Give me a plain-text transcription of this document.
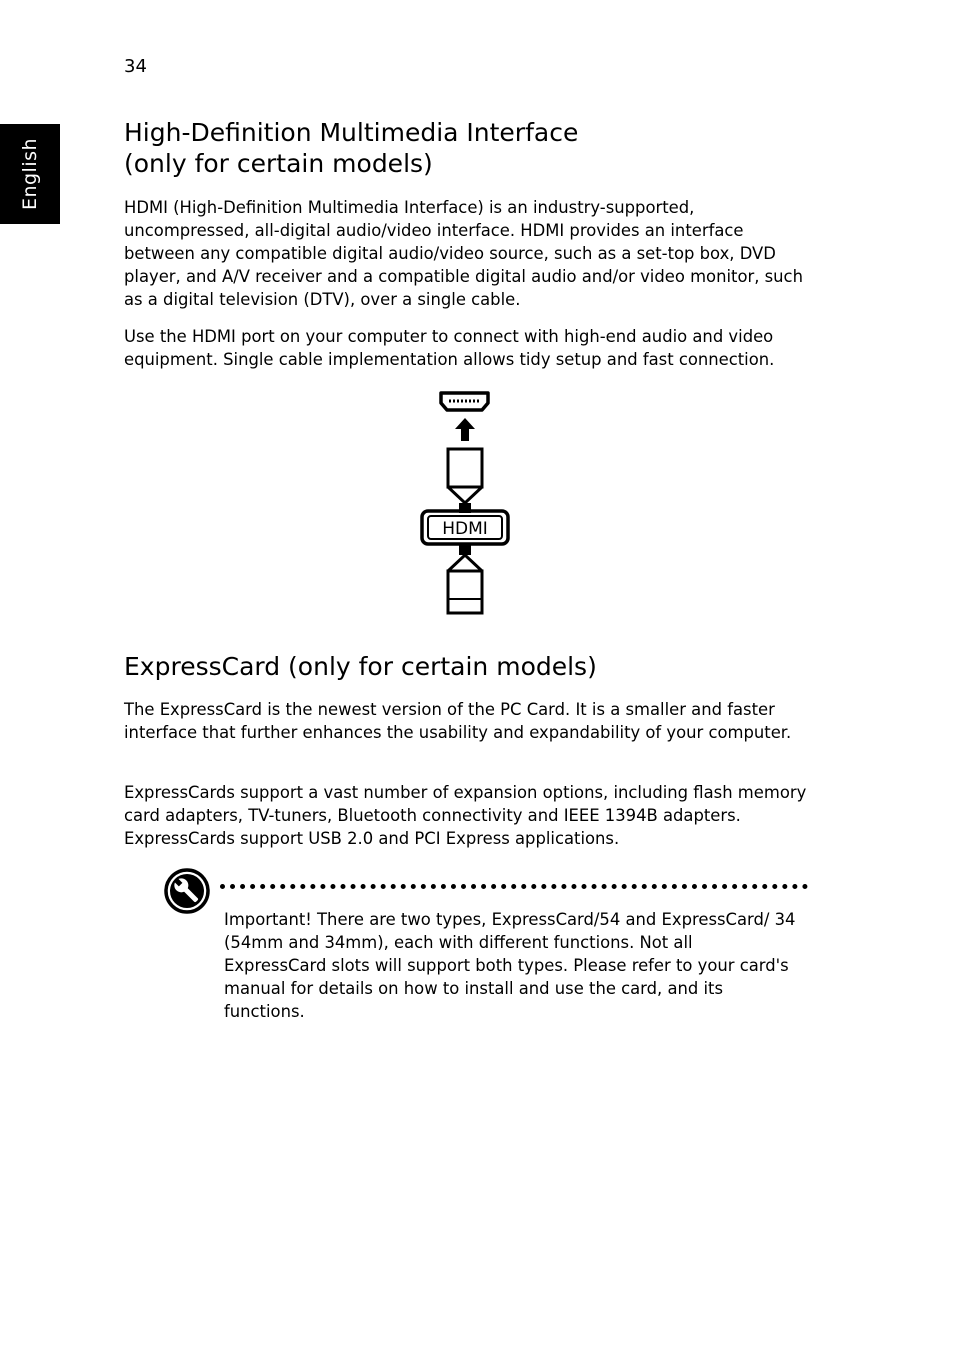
34
English
High-Definition Multimedia Interface
(only for certain models)

HDMI (High-Definition Multimedia Interface) is an industry-supported, uncompressed, all-digital audio/video interface. HDMI provides an interface between any compatible digital audio/video source, such as a set-top box, DVD player, and A/V receiver and a compatible digital audio and/or video monitor, such as a digital television (DTV), over a single cable.

Use the HDMI port on your computer to connect with high-end audio and video equipment. Single cable implementation allows tidy setup and fast connection.

HDMI
ExpressCard (only for certain models)

The ExpressCard is the newest version of the PC Card. It is a smaller and faster interface that further enhances the usability and expandability of your computer.

ExpressCards support a vast number of expansion options, including flash memory card adapters, TV-tuners, Bluetooth connectivity and IEEE 1394B adapters. ExpressCards support USB 2.0 and PCI Express applications.

Important! There are two types, ExpressCard/54 and ExpressCard/ 34 (54mm and 34mm), each with different functions. Not all ExpressCard slots will support both types. Please refer to your card's manual for details on how to install and use the card, and its functions.
